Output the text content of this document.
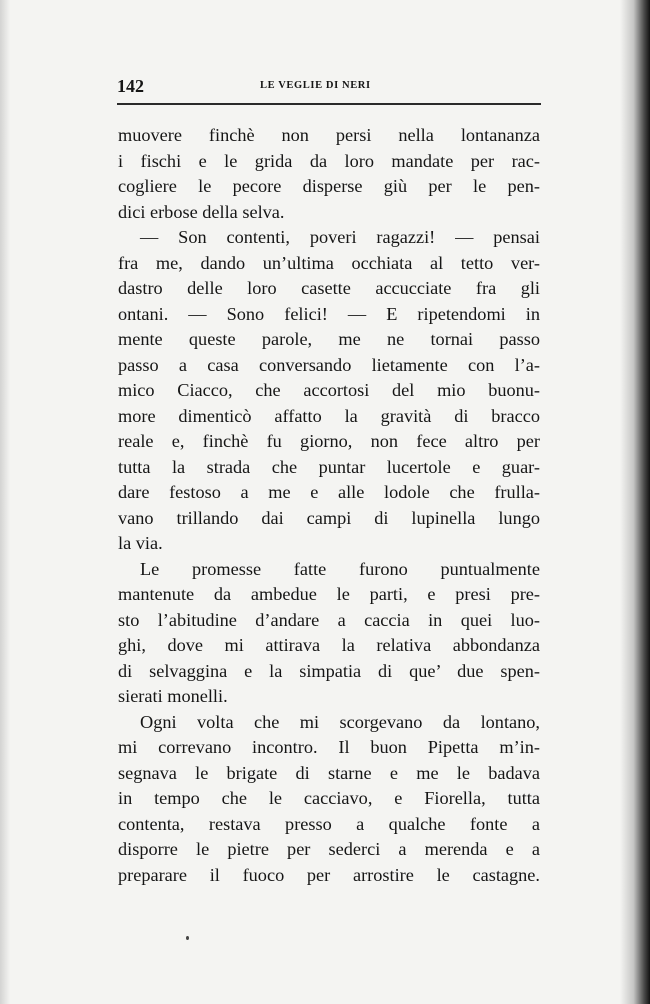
142	LE VEGLIE DI NERI
muovere finchè non persi nella lontananza
i fischi e le grida da loro mandate per rac-
cogliere le pecore disperse giù per le pen-
dici erbose della selva.
— Son contenti, poveri ragazzi! — pensai
fra me, dando un’ultima occhiata al tetto ver-
dastro delle loro casette accucciate fra gli
ontani. — Sono felici! — E ripetendomi in
mente queste parole, me ne tornai passo
passo a casa conversando lietamente con l’a-
mico Ciacco, che accortosi del mio buonu-
more dimenticò affatto la gravità di bracco
reale e, finchè fu giorno, non fece altro per
tutta la strada che puntar lucertole e guar-
dare festoso a me e alle lodole che frulla-
vano trillando dai campi di lupinella lungo
la via.
Le promesse fatte furono puntualmente
mantenute da ambedue le parti, e presi pre-
sto l’abitudine d’andare a caccia in quei luo-
ghi, dove mi attirava la relativa abbondanza
di selvaggina e la simpatia di que’ due spen-
sierati monelli.
Ogni volta che mi scorgevano da lontano,
mi correvano incontro. Il buon Pipetta m’in-
segnava le brigate di starne e me le badava
in tempo che le cacciavo, e Fiorella, tutta
contenta, restava presso a qualche fonte a
disporre le pietre per sederci a merenda e a
preparare il fuoco per arrostire le castagne.
